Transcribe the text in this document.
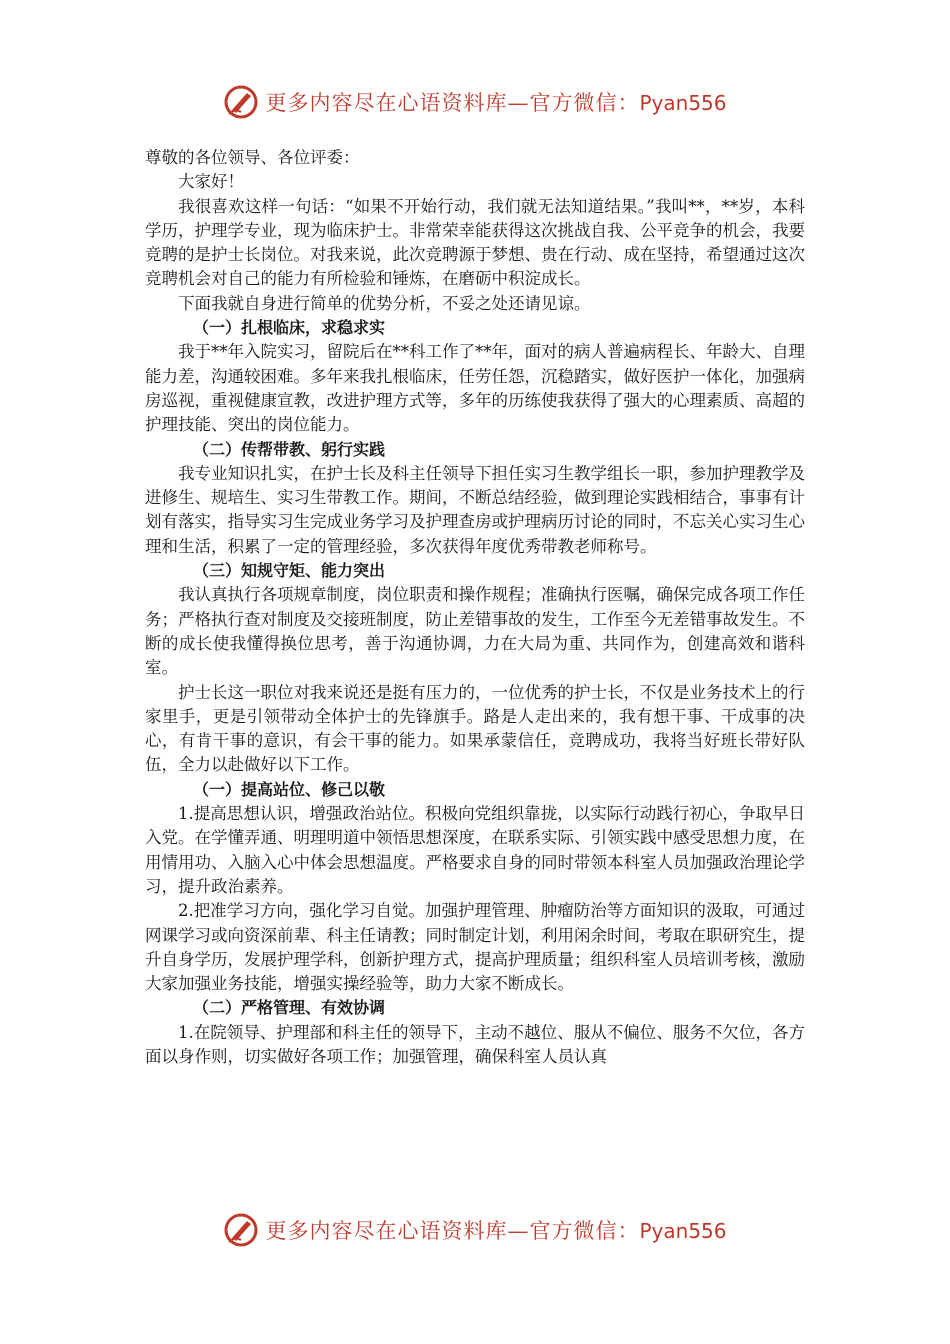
更多内容尽在心语资料库—官方微信：Pyan556

尊敬的各位领导、各位评委：

大家好！

我很喜欢这样一句话：“如果不开始行动，我们就无法知道结果。”我叫**，**岁，本科学历，护理学专业，现为临床护士。非常荣幸能获得这次挑战自我、公平竞争的机会，我要竞聘的是护士长岗位。对我来说，此次竞聘源于梦想、贵在行动、成在坚持，希望通过这次竞聘机会对自己的能力有所检验和锤炼，在磨砺中积淀成长。

下面我就自身进行简单的优势分析，不妥之处还请见谅。

（一）扎根临床，求稳求实

我于**年入院实习，留院后在**科工作了**年，面对的病人普遍病程长、年龄大、自理能力差，沟通较困难。多年来我扎根临床，任劳任怨，沉稳踏实，做好医护一体化，加强病房巡视，重视健康宣教，改进护理方式等，多年的历练使我获得了强大的心理素质、高超的护理技能、突出的岗位能力。

（二）传帮带教、躬行实践

我专业知识扎实，在护士长及科主任领导下担任实习生教学组长一职，参加护理教学及进修生、规培生、实习生带教工作。期间，不断总结经验，做到理论实践相结合，事事有计划有落实，指导实习生完成业务学习及护理查房或护理病历讨论的同时，不忘关心实习生心理和生活，积累了一定的管理经验，多次获得年度优秀带教老师称号。

（三）知规守矩、能力突出

我认真执行各项规章制度，岗位职责和操作规程；准确执行医嘱，确保完成各项工作任务；严格执行查对制度及交接班制度，防止差错事故的发生，工作至今无差错事故发生。不断的成长使我懂得换位思考，善于沟通协调，力在大局为重、共同作为，创建高效和谐科室。

护士长这一职位对我来说还是挺有压力的，一位优秀的护士长，不仅是业务技术上的行家里手，更是引领带动全体护士的先锋旗手。路是人走出来的，我有想干事、干成事的决心，有肯干事的意识，有会干事的能力。如果承蒙信任，竞聘成功，我将当好班长带好队伍，全力以赴做好以下工作。

（一）提高站位、修己以敬

1.提高思想认识，增强政治站位。积极向党组织靠拢，以实际行动践行初心，争取早日入党。在学懂弄通、明理明道中领悟思想深度，在联系实际、引领实践中感受思想力度，在用情用功、入脑入心中体会思想温度。严格要求自身的同时带领本科室人员加强政治理论学习，提升政治素养。

2.把准学习方向，强化学习自觉。加强护理管理、肿瘤防治等方面知识的汲取，可通过网课学习或向资深前辈、科主任请教；同时制定计划，利用闲余时间，考取在职研究生，提升自身学历，发展护理学科，创新护理方式，提高护理质量；组织科室人员培训考核，激励大家加强业务技能，增强实操经验等，助力大家不断成长。

（二）严格管理、有效协调

1.在院领导、护理部和科主任的领导下，主动不越位、服从不偏位、服务不欠位，各方面以身作则，切实做好各项工作；加强管理，确保科室人员认真

更多内容尽在心语资料库—官方微信：Pyan556
